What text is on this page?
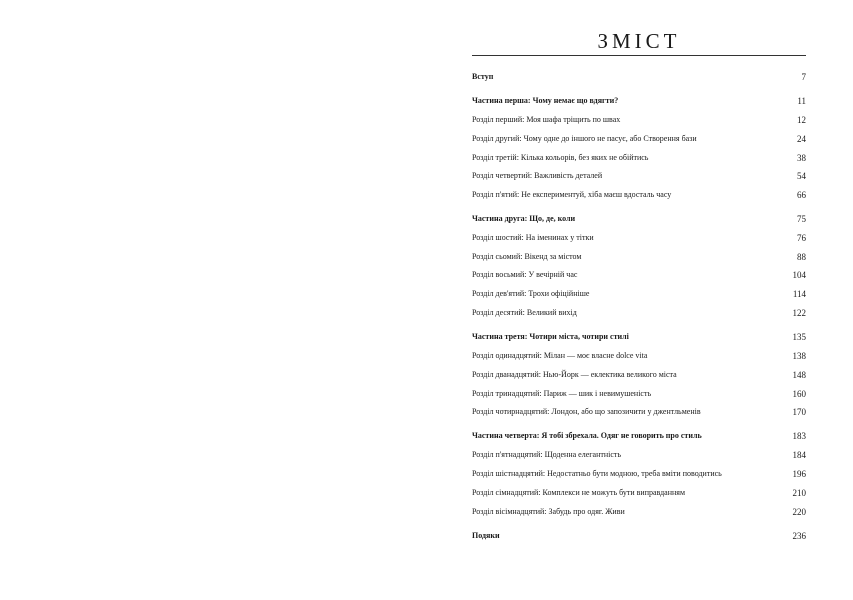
ЗМІСТ
Вступ	7
Частина перша: Чому немає що вдягти?	11
Розділ перший: Моя шафа тріщить по швах	12
Розділ другий: Чому одне до іншого не пасує, або Створення бази	24
Розділ третій: Кілька кольорів, без яких не обійтись	38
Розділ четвертий: Важливість деталей	54
Розділ п'ятий: Не експериментуй, хіба маєш вдосталь часу	66
Частина друга: Що, де, коли	75
Розділ шостий: На іменинах у тітки	76
Розділ сьомий: Вікенд за містом	88
Розділ восьмий: У вечірній час	104
Розділ дев'ятий: Трохи офіційніше	114
Розділ десятий: Великий вихід	122
Частина третя: Чотири міста, чотири стилі	135
Розділ одинадцятий: Мілан — моє власне dolce vita	138
Розділ дванадцятий: Нью-Йорк — еклектика великого міста	148
Розділ тринадцятий: Париж — шик і невимушеність	160
Розділ чотирнадцятий: Лондон, або що запозичити у джентльменів	170
Частина четверта: Я тобі збрехала. Одяг не говорить про стиль	183
Розділ п'ятнадцятий: Щоденна елегантність	184
Розділ шістнадцятий: Недостатньо бути модною, треба вміти поводитись	196
Розділ сімнадцятий: Комплекси не можуть бути виправданням	210
Розділ вісімнадцятий: Забудь про одяг. Живи	220
Подяки	236
